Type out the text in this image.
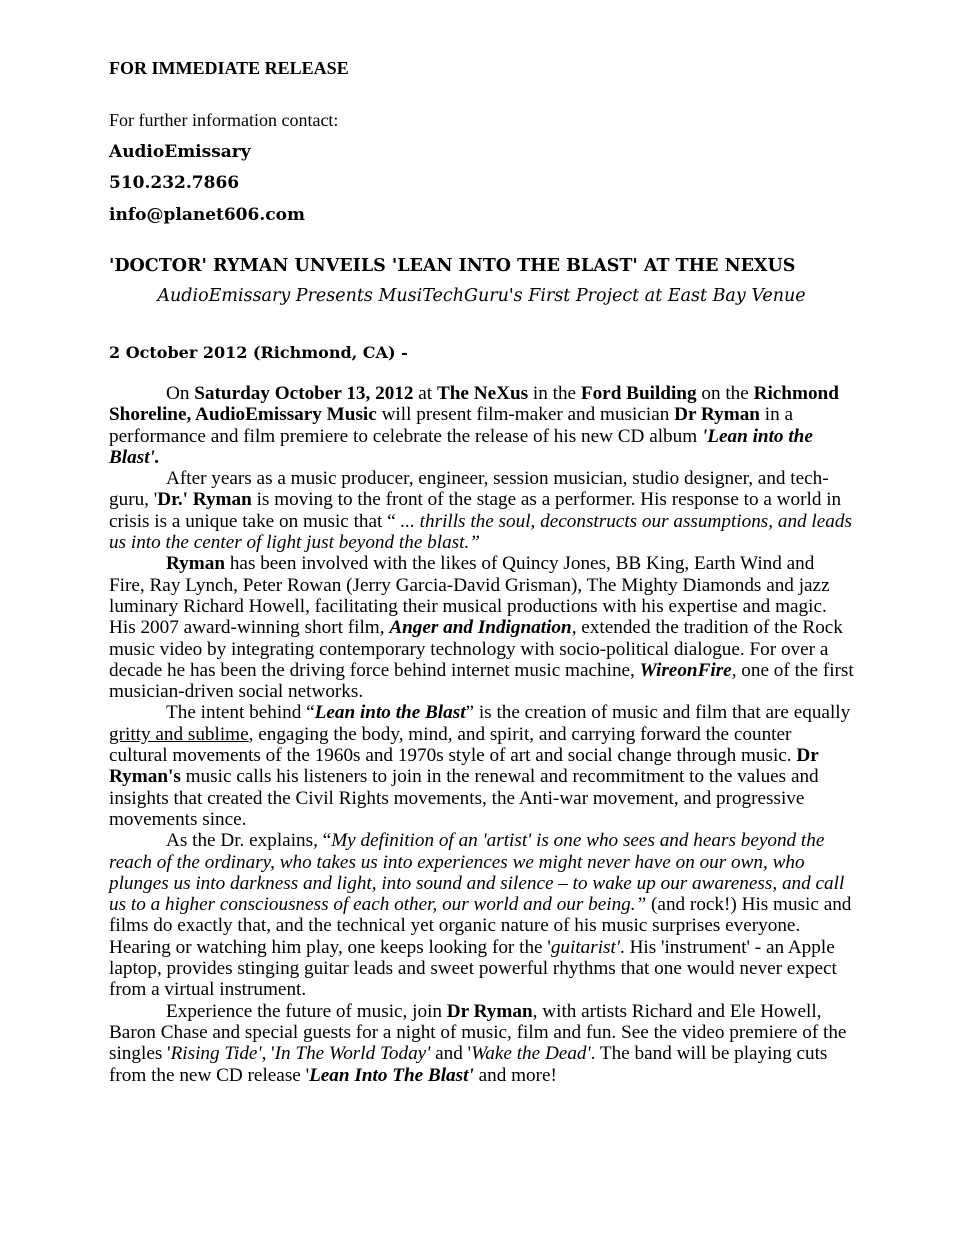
FOR IMMEDIATE RELEASE
For further information contact:
AudioEmissary
510.232.7866
info@planet606.com
'DOCTOR' RYMAN UNVEILS 'LEAN INTO THE BLAST' AT THE NEXUS
AudioEmissary Presents MusiTechGuru's First Project at East Bay Venue
2 October 2012 (Richmond, CA) -

On Saturday October 13, 2012 at The NeXus in the Ford Building on the Richmond Shoreline, AudioEmissary Music will present film-maker and musician Dr Ryman in a performance and film premiere to celebrate the release of his new CD album 'Lean into the Blast'.

After years as a music producer, engineer, session musician, studio designer, and tech-guru, 'Dr.' Ryman is moving to the front of the stage as a performer. His response to a world in crisis is a unique take on music that “ ... thrills the soul, deconstructs our assumptions, and leads us into the center of light just beyond the blast.”

Ryman has been involved with the likes of Quincy Jones, BB King, Earth Wind and Fire, Ray Lynch, Peter Rowan (Jerry Garcia-David Grisman), The Mighty Diamonds and jazz luminary Richard Howell, facilitating their musical productions with his expertise and magic. His 2007 award-winning short film, Anger and Indignation, extended the tradition of the Rock music video by integrating contemporary technology with socio-political dialogue. For over a decade he has been the driving force behind internet music machine, WireonFire, one of the first musician-driven social networks.

The intent behind “Lean into the Blast” is the creation of music and film that are equally gritty and sublime, engaging the body, mind, and spirit, and carrying forward the counter cultural movements of the 1960s and 1970s style of art and social change through music. Dr Ryman's music calls his listeners to join in the renewal and recommitment to the values and insights that created the Civil Rights movements, the Anti-war movement, and progressive movements since.

As the Dr. explains, “My definition of an 'artist' is one who sees and hears beyond the reach of the ordinary, who takes us into experiences we might never have on our own, who plunges us into darkness and light, into sound and silence – to wake up our awareness, and call us to a higher consciousness of each other, our world and our being.” (and rock!) His music and films do exactly that, and the technical yet organic nature of his music surprises everyone. Hearing or watching him play, one keeps looking for the 'guitarist'. His 'instrument' - an Apple laptop, provides stinging guitar leads and sweet powerful rhythms that one would never expect from a virtual instrument.

Experience the future of music, join Dr Ryman, with artists Richard and Ele Howell, Baron Chase and special guests for a night of music, film and fun. See the video premiere of the singles 'Rising Tide', 'In The World Today' and 'Wake the Dead'. The band will be playing cuts from the new CD release 'Lean Into The Blast' and more!
